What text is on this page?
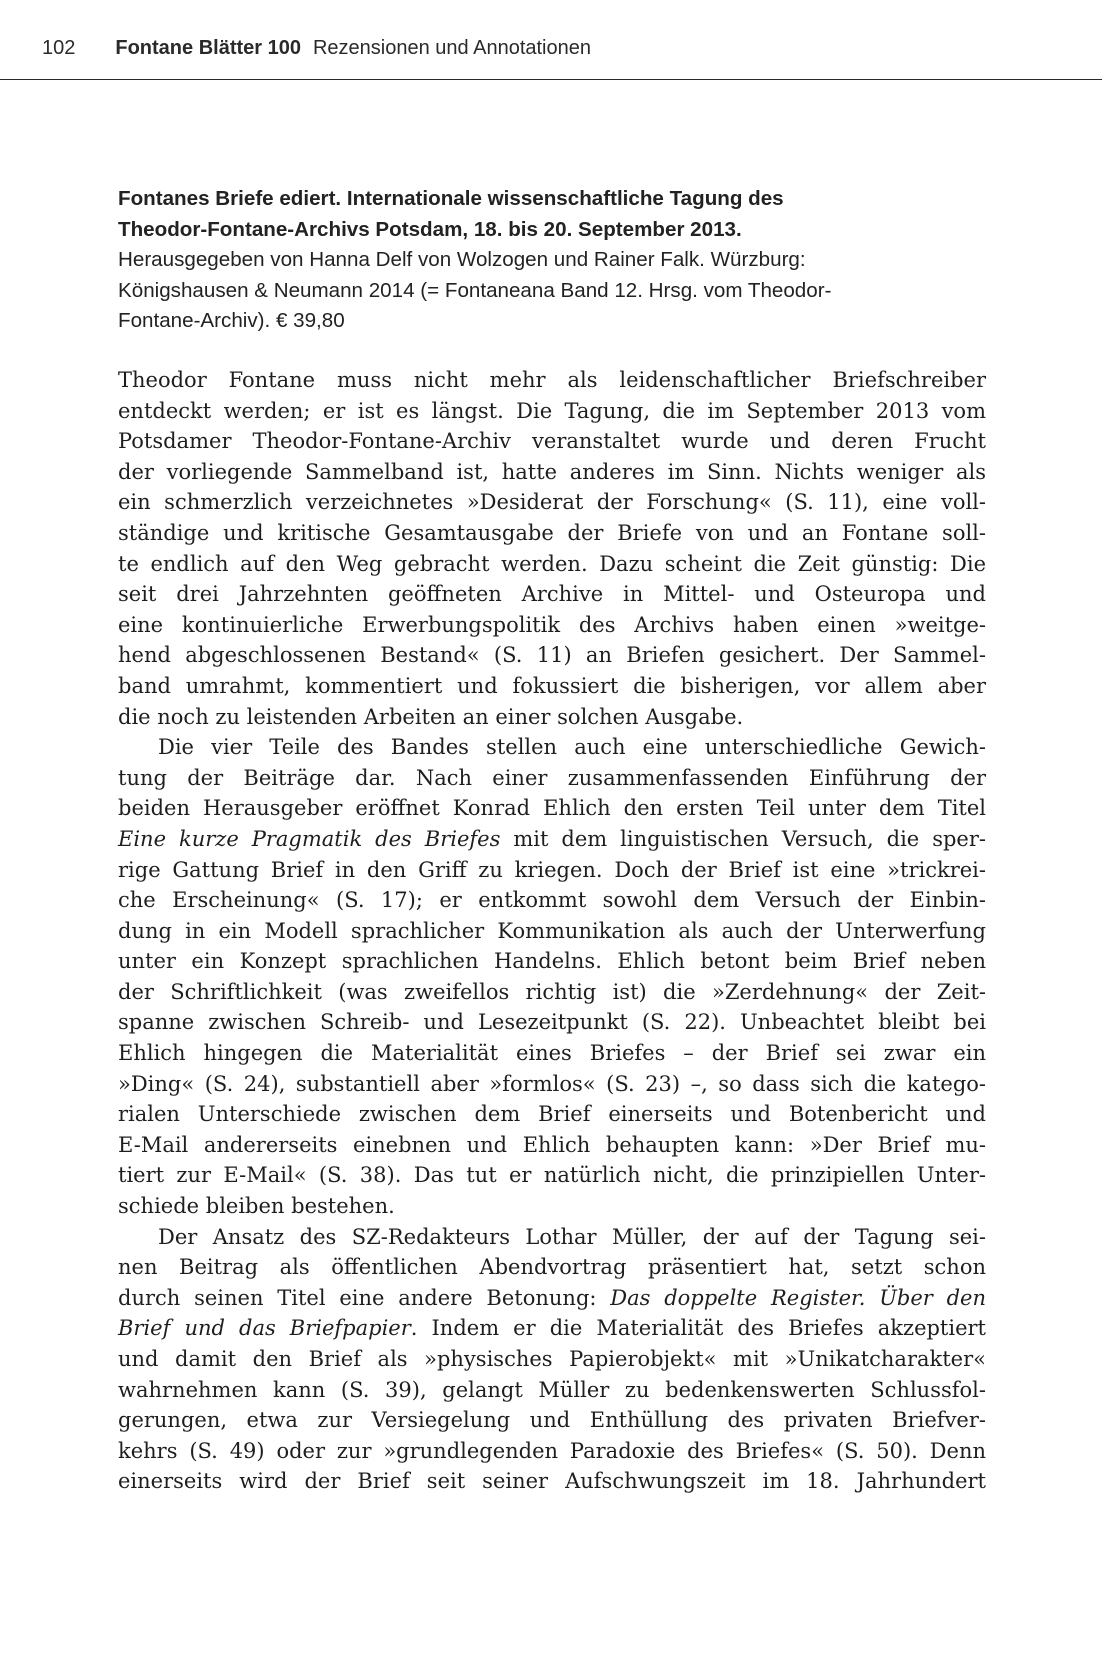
102 Fontane Blätter 100 Rezensionen und Annotationen

Fontanes Briefe ediert. Internationale wissenschaftliche Tagung des
Theodor-Fontane-Archivs Potsdam, 18. bis 20. September 2013.

Herausgegeben von Hanna Delf von Wolzogen und Rainer Falk. Würzburg:
Königshausen & Neumann 2014 (= Fontaneana Band 12. Hrsg. vom Theodor-
Fontane-Archiv). € 39,80

Theodor Fontane muss nicht mehr als leidenschaftlicher Briefschreiber
entdeckt werden; er ist es längst. Die Tagung, die im September 2013 vom
Potsdamer Theodor-Fontane-Archiv veranstaltet wurde und deren Frucht
der vorliegende Sammelband ist, hatte anderes im Sinn. Nichts weniger als
ein schmerzlich verzeichnetes »Desiderat der Forschung« (S. 11), eine voll-
ständige und kritische Gesamtausgabe der Briefe von und an Fontane soll-
te endlich auf den Weg gebracht werden. Dazu scheint die Zeit günstig: Die
seit drei Jahrzehnten geöffneten Archive in Mittel- und Osteuropa und
eine kontinuierliche Erwerbungspolitik des Archivs haben einen »weitge-
hend abgeschlossenen Bestand« (S. 11) an Briefen gesichert. Der Sammel-
band umrahmt, kommentiert und fokussiert die bisherigen, vor allem aber
die noch zu leistenden Arbeiten an einer solchen Ausgabe.
Die vier Teile des Bandes stellen auch eine unterschiedliche Gewich-
tung der Beiträge dar. Nach einer zusammenfassenden Einführung der
beiden Herausgeber eröffnet Konrad Ehlich den ersten Teil unter dem Titel
Eine kurze Pragmatik des Briefes mit dem linguistischen Versuch, die sper-
rige Gattung Brief in den Griff zu kriegen. Doch der Brief ist eine »trickrei-
che Erscheinung« (S. 17); er entkommt sowohl dem Versuch der Einbin-
dung in ein Modell sprachlicher Kommunikation als auch der Unterwerfung
unter ein Konzept sprachlichen Handelns. Ehlich betont beim Brief neben
der Schriftlichkeit (was zweifellos richtig ist) die »Zerdehnung« der Zeit-
spanne zwischen Schreib- und Lesezeitpunkt (S. 22). Unbeachtet bleibt bei
Ehlich hingegen die Materialität eines Briefes – der Brief sei zwar ein
»Ding« (S. 24), substantiell aber »formlos« (S. 23) –, so dass sich die katego-
rialen Unterschiede zwischen dem Brief einerseits und Botenbericht und
E-Mail andererseits einebnen und Ehlich behaupten kann: »Der Brief mu-
tiert zur E-Mail« (S. 38). Das tut er natürlich nicht, die prinzipiellen Unter-
schiede bleiben bestehen.
Der Ansatz des SZ-Redakteurs Lothar Müller, der auf der Tagung sei-
nen Beitrag als öffentlichen Abendvortrag präsentiert hat, setzt schon
durch seinen Titel eine andere Betonung: Das doppelte Register. Über den
Brief und das Briefpapier. Indem er die Materialität des Briefes akzeptiert
und damit den Brief als »physisches Papierobjekt« mit »Unikatcharakter«
wahrnehmen kann (S. 39), gelangt Müller zu bedenkenswerten Schlussfol-
gerungen, etwa zur Versiegelung und Enthüllung des privaten Briefver-
kehrs (S. 49) oder zur »grundlegenden Paradoxie des Briefes« (S. 50). Denn
einerseits wird der Brief seit seiner Aufschwungszeit im 18. Jahrhundert
